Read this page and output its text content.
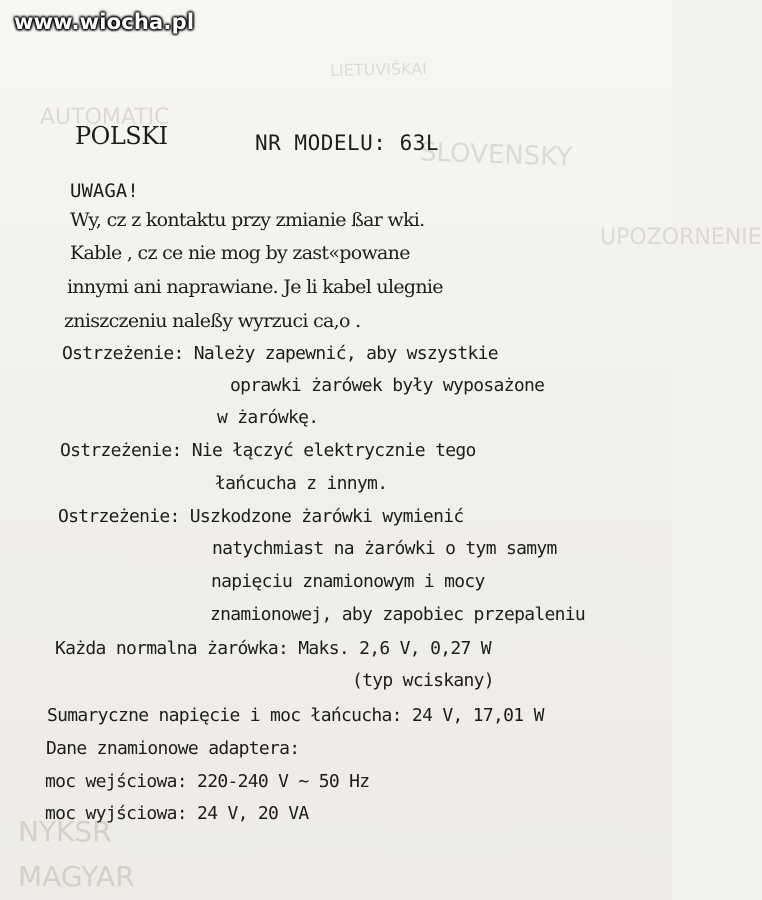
SLOVENSKY
AUTOMATIC
UPOZORNENIE
LIETUVIŠKAI
NYKSR
MAGYAR
www.wiocha.pl
POLSKI	NR MODELU: 63L
UWAGA!
Wy, cz z kontaktu przy zmianie ßar wki.
Kable , cz ce nie mog by zast«powane
innymi ani naprawiane. Je li kabel ulegnie
zniszczeniu naleßy wyrzuci ca,o .
Ostrzeżenie: Należy zapewnić, aby wszystkie
oprawki żarówek były wyposażone
w żarówkę.
Ostrzeżenie: Nie łączyć elektrycznie tego
łańcucha z innym.
Ostrzeżenie: Uszkodzone żarówki wymienić
natychmiast na żarówki o tym samym
napięciu znamionowym i mocy
znamionowej, aby zapobiec przepaleniu
Każda normalna żarówka: Maks. 2,6 V, 0,27 W
(typ wciskany)
Sumaryczne napięcie i moc łańcucha: 24 V, 17,01 W
Dane znamionowe adaptera:
moc wejściowa: 220-240 V ~ 50 Hz
moc wyjściowa: 24 V, 20 VA
